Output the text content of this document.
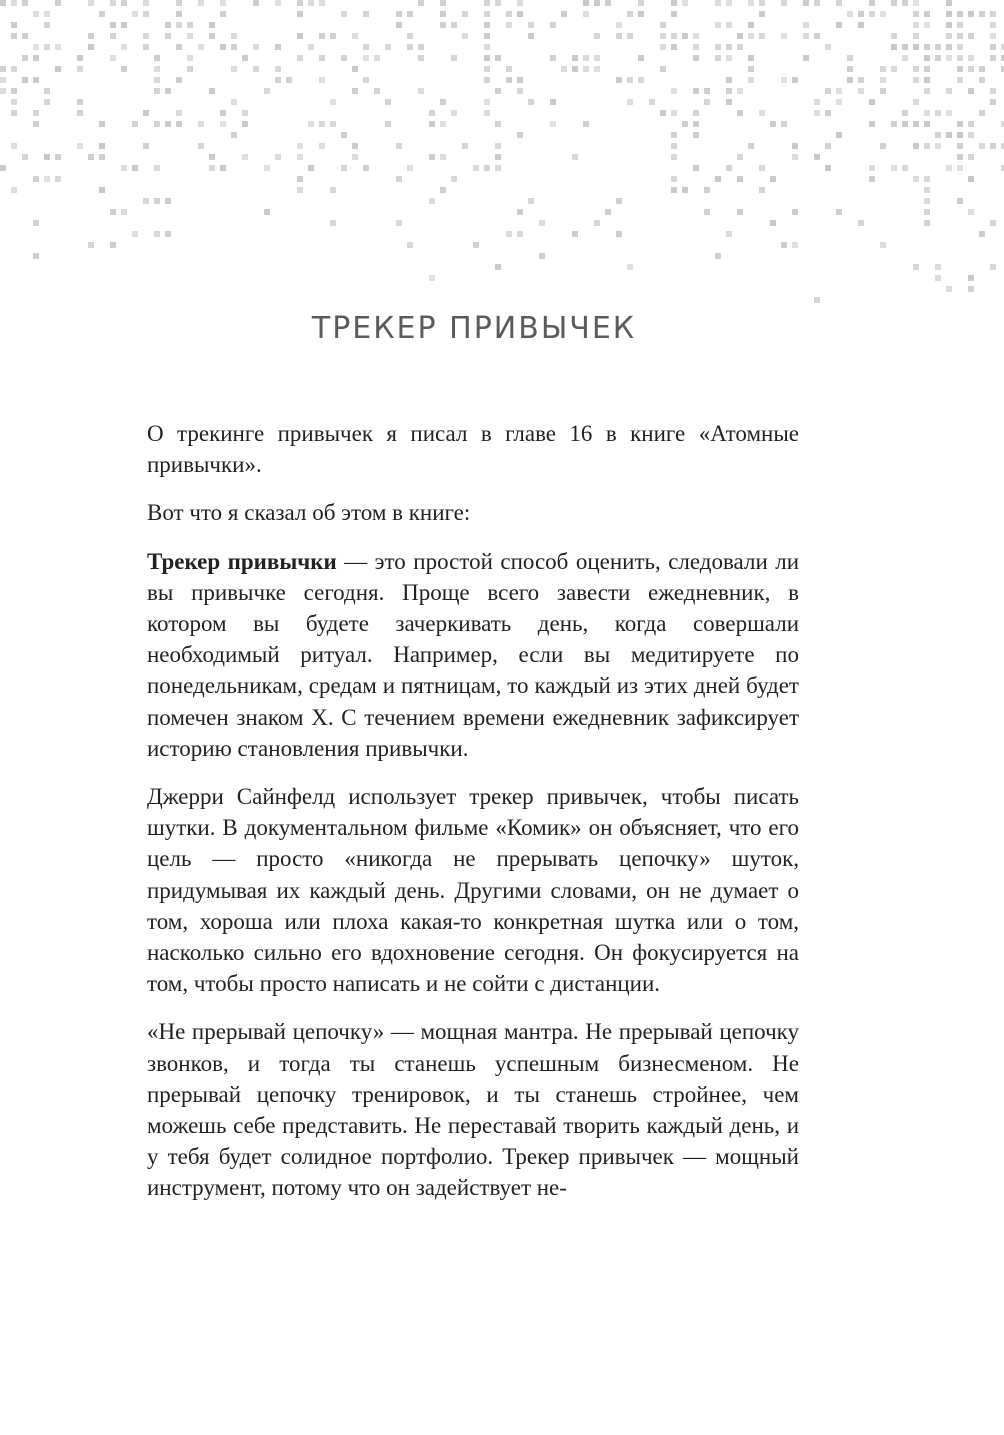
ТРЕКЕР ПРИВЫЧЕК

О трекинге привычек я писал в главе 16 в книге «Атомные привычки».

Вот что я сказал об этом в книге:

Трекер привычки — это простой способ оценить, следовали ли вы привычке сегодня. Проще всего завести ежедневник, в котором вы будете зачеркивать день, когда совершали необходимый ритуал. Например, если вы медитируете по понедельникам, средам и пятницам, то каждый из этих дней будет помечен знаком X. С течением времени ежедневник зафиксирует историю становления привычки.

Джерри Сайнфелд использует трекер привычек, чтобы писать шутки. В документальном фильме «Комик» он объясняет, что его цель — просто «никогда не прерывать цепочку» шуток, придумывая их каждый день. Другими словами, он не думает о том, хороша или плоха какая-то конкретная шутка или о том, насколько сильно его вдохновение сегодня. Он фокусируется на том, чтобы просто написать и не сойти с дистанции.

«Не прерывай цепочку» — мощная мантра. Не прерывай цепочку звонков, и тогда ты станешь успешным бизнесменом. Не прерывай цепочку тренировок, и ты станешь стройнее, чем можешь себе представить. Не переставай творить каждый день, и у тебя будет солидное портфолио. Трекер привычек — мощный инструмент, потому что он задействует не-
